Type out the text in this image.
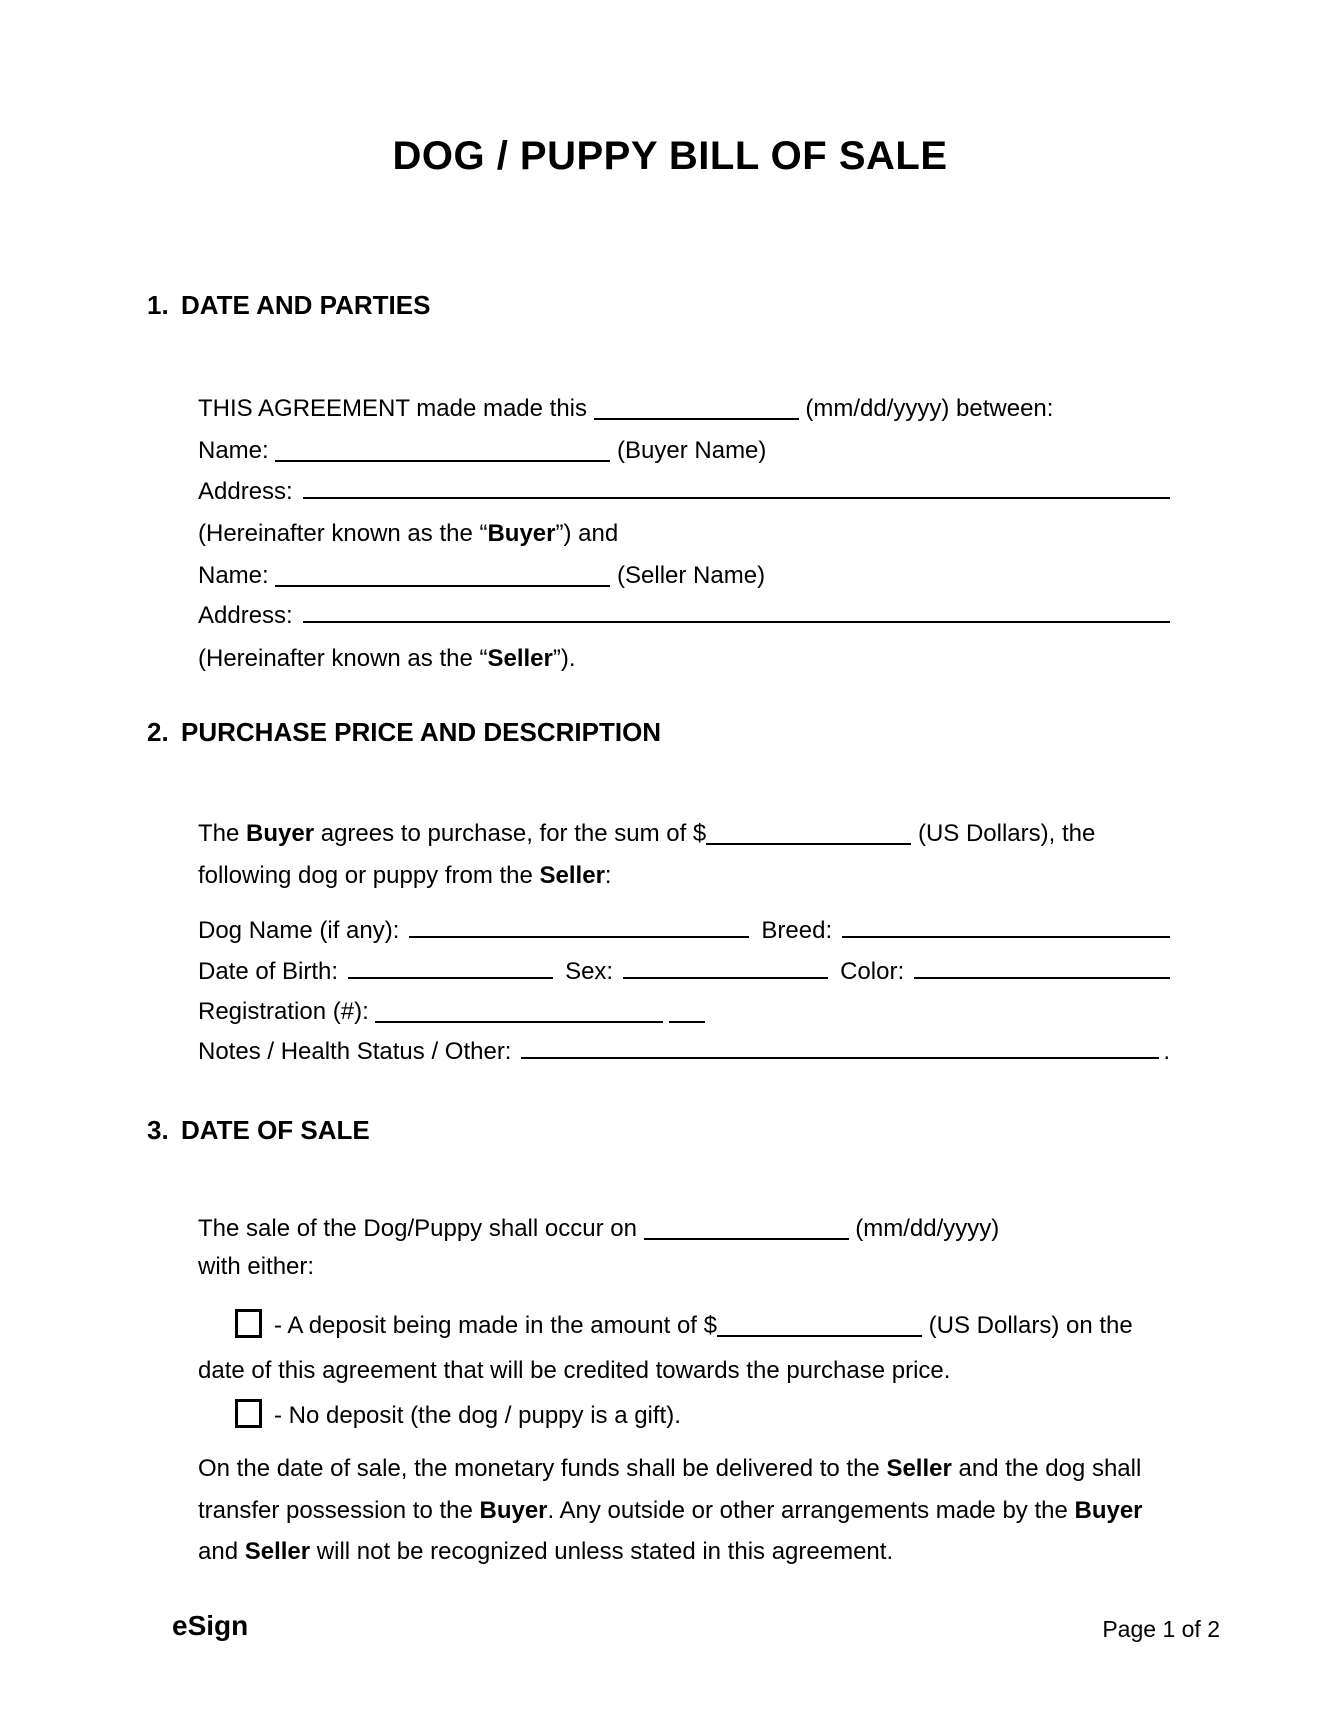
DOG / PUPPY BILL OF SALE
1. DATE AND PARTIES
THIS AGREEMENT made made this	(mm/dd/yyyy) between:
Name:	(Buyer Name)
Address:
(Hereinafter known as the “Buyer”) and
Name:	(Seller Name)
Address:
(Hereinafter known as the “Seller”).
2. PURCHASE PRICE AND DESCRIPTION
The Buyer agrees to purchase, for the sum of $	(US Dollars), the
following dog or puppy from the Seller:
Dog Name (if any):	Breed:
Date of Birth:	Sex:	Color:
Registration (#):
Notes / Health Status / Other:	.
3. DATE OF SALE
The sale of the Dog/Puppy shall occur on	(mm/dd/yyyy)
with either:
- A deposit being made in the amount of $	(US Dollars) on the
date of this agreement that will be credited towards the purchase price.
- No deposit (the dog / puppy is a gift).
On the date of sale, the monetary funds shall be delivered to the Seller and the dog shall
transfer possession to the Buyer. Any outside or other arrangements made by the Buyer
and Seller will not be recognized unless stated in this agreement.
eSign	Page 1 of 2
